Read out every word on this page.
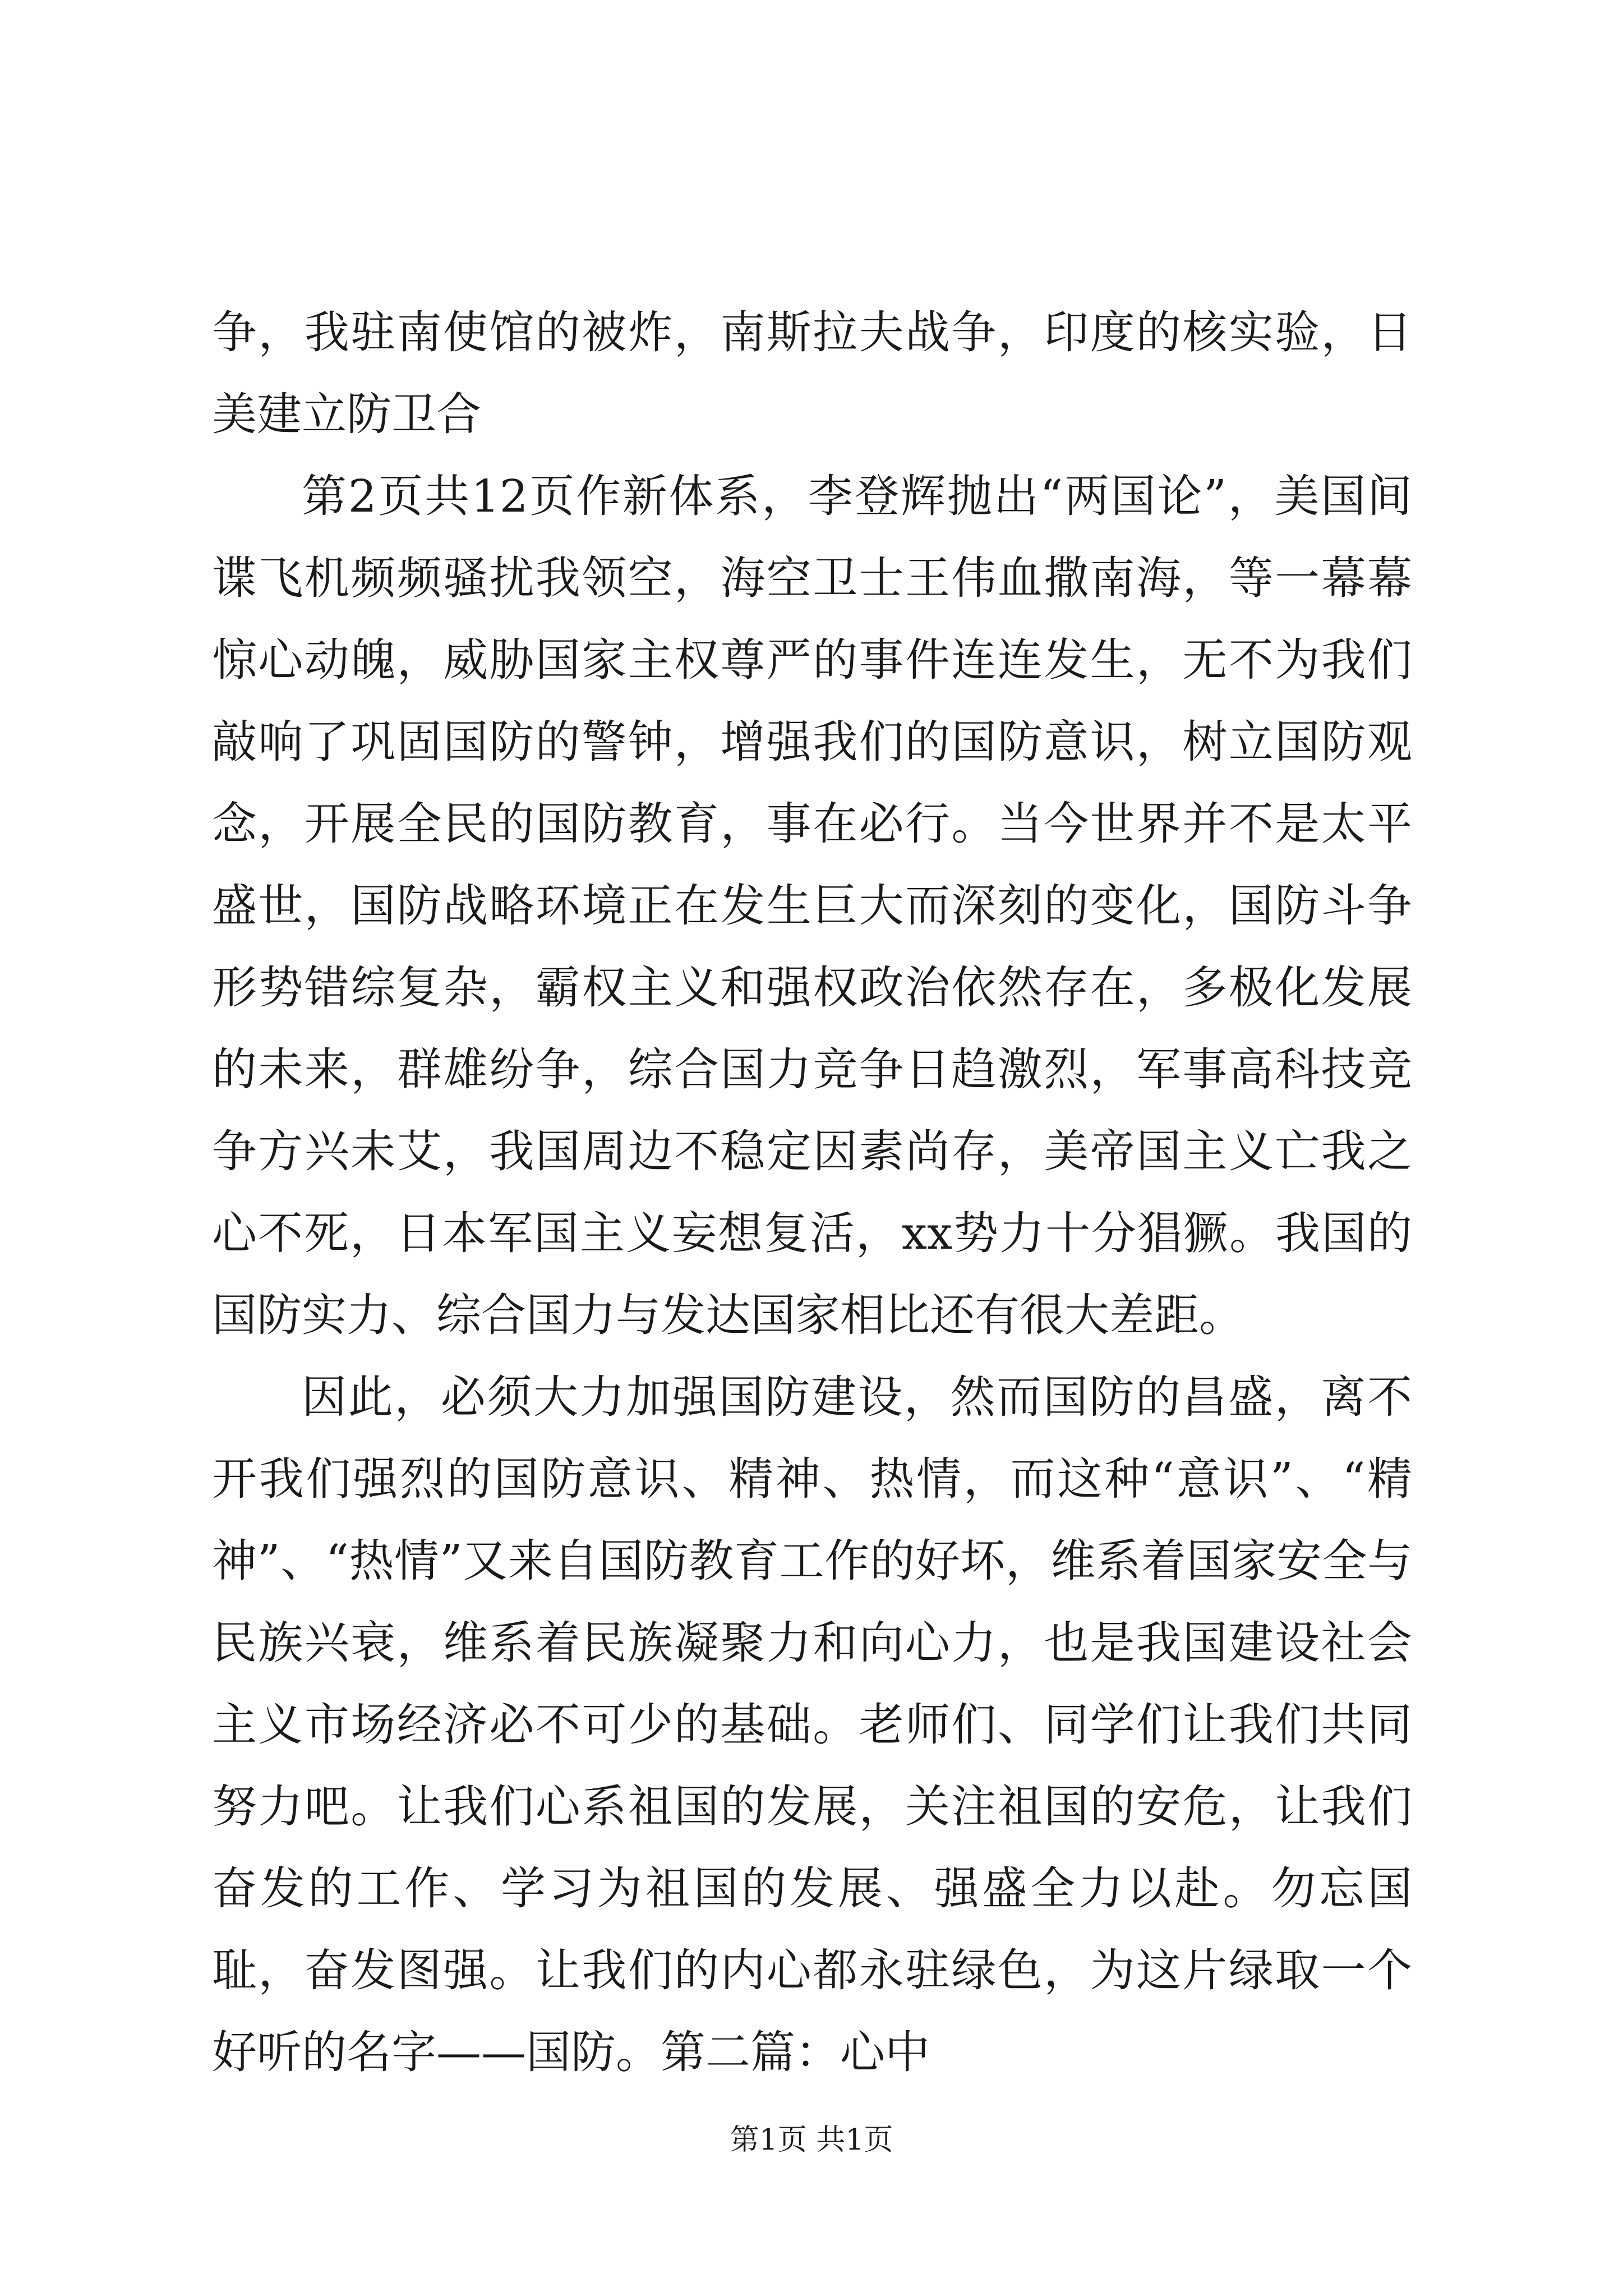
争，我驻南使馆的被炸，南斯拉夫战争，印度的核实验，日美建立防卫合

第2页共12页作新体系，李登辉抛出“两国论”，美国间谍飞机频频骚扰我领空，海空卫士王伟血撒南海，等一幕幕惊心动魄，威胁国家主权尊严的事件连连发生，无不为我们敲响了巩固国防的警钟，增强我们的国防意识，树立国防观念，开展全民的国防教育，事在必行。当今世界并不是太平盛世，国防战略环境正在发生巨大而深刻的变化，国防斗争形势错综复杂，霸权主义和强权政治依然存在，多极化发展的未来，群雄纷争，综合国力竞争日趋激烈，军事高科技竞争方兴未艾，我国周边不稳定因素尚存，美帝国主义亡我之心不死，日本军国主义妄想复活，xx势力十分猖獗。我国的国防实力、综合国力与发达国家相比还有很大差距。

因此，必须大力加强国防建设，然而国防的昌盛，离不开我们强烈的国防意识、精神、热情，而这种“意识”、“精神”、“热情”又来自国防教育工作的好坏，维系着国家安全与民族兴衰，维系着民族凝聚力和向心力，也是我国建设社会主义市场经济必不可少的基础。老师们、同学们让我们共同努力吧。让我们心系祖国的发展，关注祖国的安危，让我们奋发的工作、学习为祖国的发展、强盛全力以赴。勿忘国耻，奋发图强。让我们的内心都永驻绿色，为这片绿取一个好听的名字——国防。第二篇：心中

第1页 共1页
